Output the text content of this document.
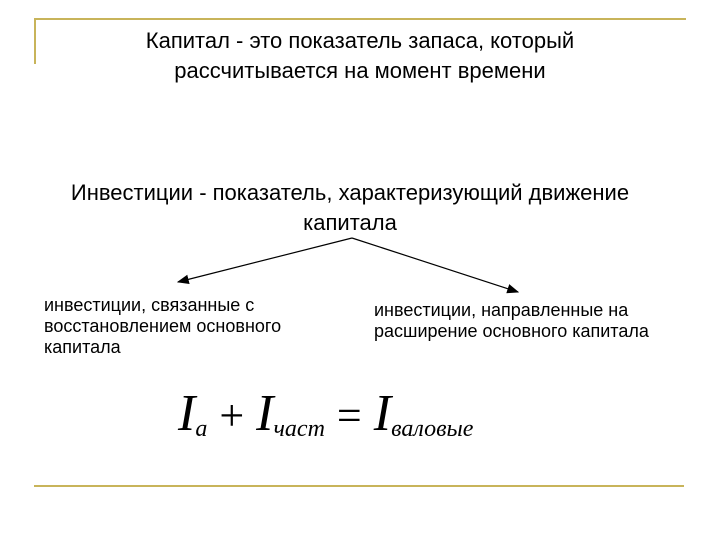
Капитал - это показатель запаса, который рассчитывается на момент времени
Инвестиции - показатель, характеризующий движение капитала
инвестиции, связанные с восстановлением основного капитала
инвестиции, направленные на расширение основного капитала
Iа + Iчаст = Iваловые
